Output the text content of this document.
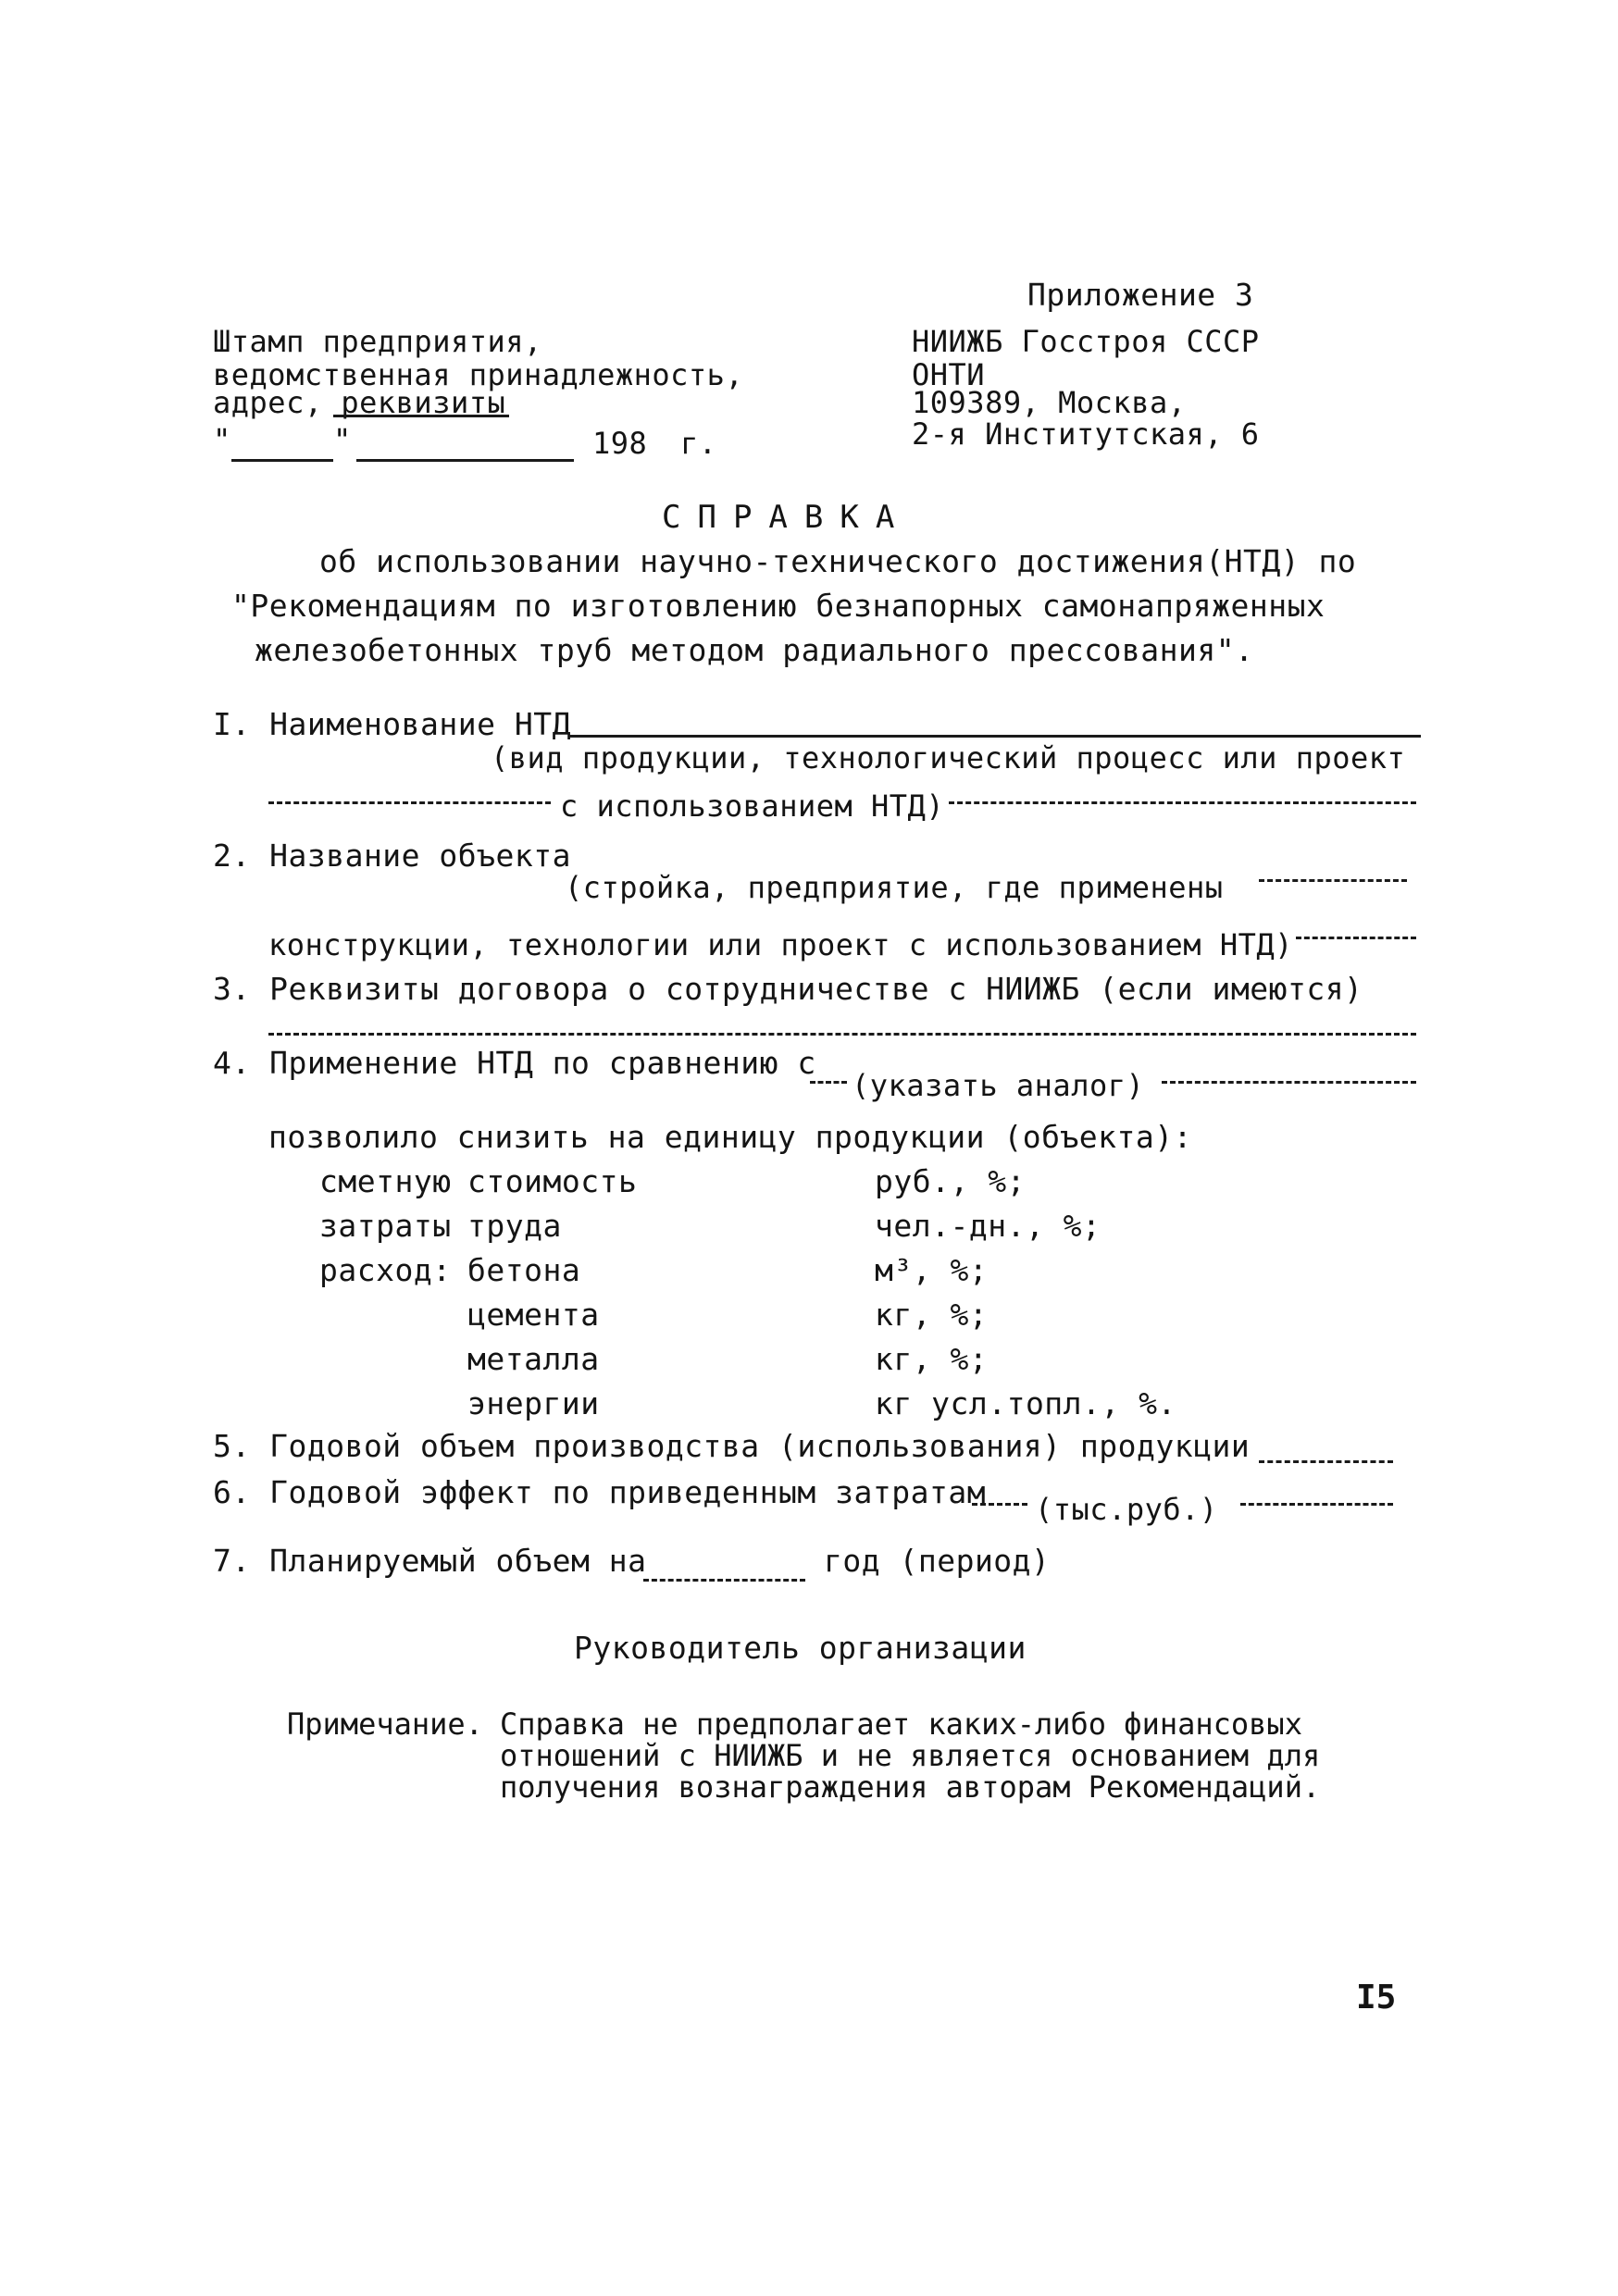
Приложение 3
Штамп предприятия,
ведомственная принадлежность,
адрес, реквизиты
"	"	198 г.
НИИЖБ Госстроя СССР
ОНТИ
109389, Москва,
2-я Институтская, 6
СПРАВКА
об использовании научно-технического достижения(НТД) по
"Рекомендациям по изготовлению безнапорных самонапряженных
железобетонных труб методом радиального прессования".
I. Наименование НТД
(вид продукции, технологический процесс или проект
с использованием НТД)
2. Название объекта
(стройка, предприятие, где применены
конструкции, технологии или проект с использованием НТД)
3. Реквизиты договора о сотрудничестве с НИИЖБ (если имеются)
4. Применение НТД по сравнению с
(указать аналог)
позволило снизить на единицу продукции (объекта):
сметную стоимость	руб., %;
затраты труда	чел.-дн., %;
расход: бетона	м³, %;
цемента	кг, %;
металла	кг, %;
энергии	кг усл.топл., %.
5. Годовой объем производства (использования) продукции
6. Годовой эффект по приведенным затратам (тыс.руб.)
7. Планируемый объем на	год (период)
Руководитель организации
Примечание. Справка не предполагает каких-либо финансовых
отношений с НИИЖБ и не является основанием для
получения вознаграждения авторам Рекомендаций.
I5
